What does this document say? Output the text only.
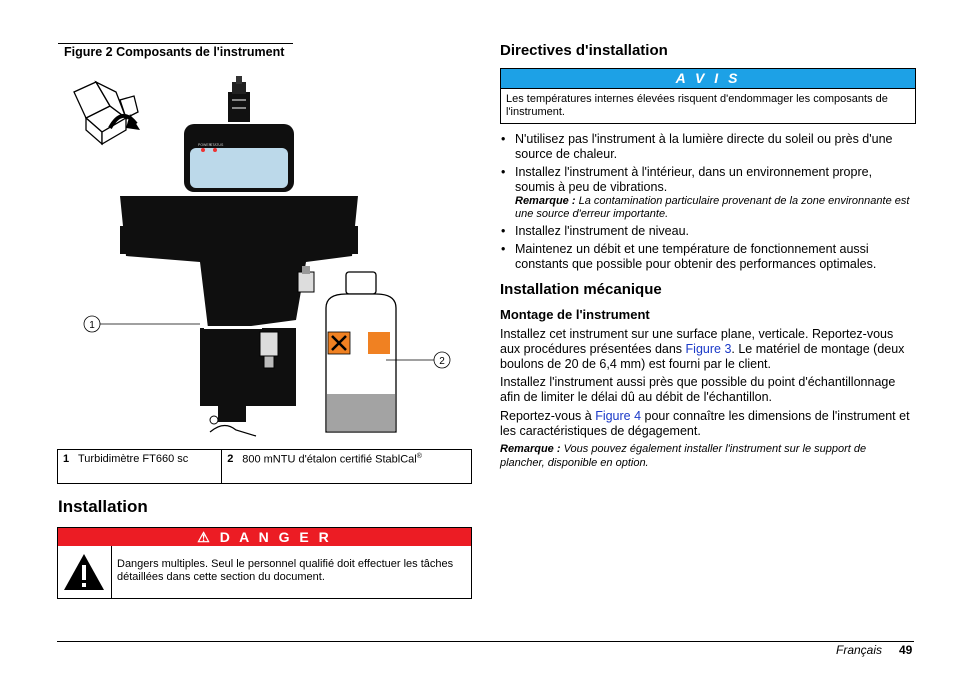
Figure 2 Composants de l'instrument
POWER
STATUS
1
2
1	Turbidimètre FT660 sc	2	800 mNTU d'étalon certifié StablCal®
Installation
⚠ D A N G E R
Dangers multiples. Seul le personnel qualifié doit effectuer les tâches détaillées dans cette section du document.
Directives d'installation
A V I S
Les températures internes élevées risquent d'endommager les composants de l'instrument.
• N'utilisez pas l'instrument à la lumière directe du soleil ou près d'une source de chaleur.
• Installez l'instrument à l'intérieur, dans un environnement propre, soumis à peu de vibrations.
Remarque : La contamination particulaire provenant de la zone environnante est une source d'erreur importante.
• Installez l'instrument de niveau.
• Maintenez un débit et une température de fonctionnement aussi constants que possible pour obtenir des performances optimales.
Installation mécanique
Montage de l'instrument
Installez cet instrument sur une surface plane, verticale. Reportez-vous aux procédures présentées dans Figure 3. Le matériel de montage (deux boulons de 20 de 6,4 mm) est fourni par le client.
Installez l'instrument aussi près que possible du point d'échantillonnage afin de limiter le délai dû au débit de l'échantillon.
Reportez-vous à Figure 4 pour connaître les dimensions de l'instrument et les caractéristiques de dégagement.
Remarque : Vous pouvez également installer l'instrument sur le support de plancher, disponible en option.
Français 49
